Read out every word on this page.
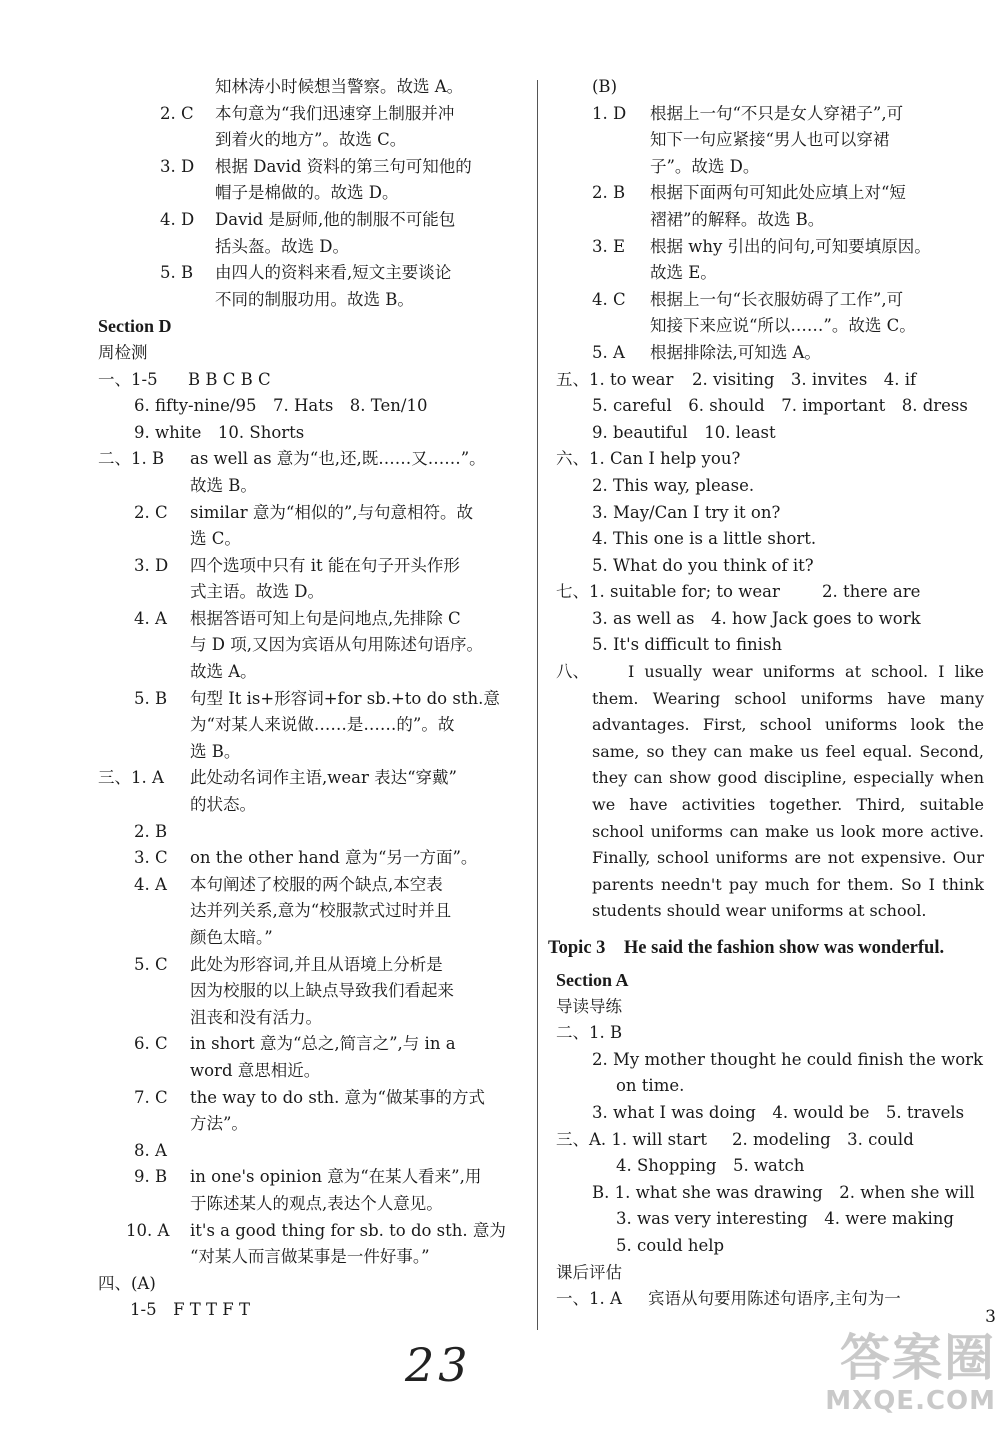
知林涛小时候想当警察。故选 A。
2. C 本句意为“我们迅速穿上制服并冲
到着火的地方”。故选 C。
3. D 根据 David 资料的第三句可知他的
帽子是棉做的。故选 D。
4. D David 是厨师,他的制服不可能包
括头盔。故选 D。
5. B 由四人的资料来看,短文主要谈论
不同的制服功用。故选 B。
Section D
周检测
一、1-5 B B C B C
6. fifty-nine/95　7. Hats　8. Ten/10
9. white　10. Shorts
二、1. B as well as 意为“也,还,既……又……”。
故选 B。
2. C similar 意为“相似的”,与句意相符。故
选 C。
3. D 四个选项中只有 it 能在句子开头作形
式主语。故选 D。
4. A 根据答语可知上句是问地点,先排除 C
与 D 项,又因为宾语从句用陈述句语序。
故选 A。
5. B 句型 It is+形容词+for sb.+to do sth.意
为“对某人来说做……是……的”。故
选 B。
三、1. A 此处动名词作主语,wear 表达“穿戴”
的状态。
2. B
3. C on the other hand 意为“另一方面”。
4. A 本句阐述了校服的两个缺点,本空表
达并列关系,意为“校服款式过时并且
颜色太暗。”
5. C 此处为形容词,并且从语境上分析是
因为校服的以上缺点导致我们看起来
沮丧和没有活力。
6. C in short 意为“总之,简言之”,与 in a
word 意思相近。
7. C the way to do sth. 意为“做某事的方式
方法”。
8. A
9. B in one's opinion 意为“在某人看来”,用
于陈述某人的观点,表达个人意见。
10. A it's a good thing for sb. to do sth. 意为
“对某人而言做某事是一件好事。”
四、(A)
1-5　F T T F T
(B)
1. D 根据上一句“不只是女人穿裙子”,可
知下一句应紧接“男人也可以穿裙
子”。故选 D。
2. B 根据下面两句可知此处应填上对“短
褶裙”的解释。故选 B。
3. E 根据 why 引出的问句,可知要填原因。
故选 E。
4. C 根据上一句“长衣服妨碍了工作”,可
知接下来应说“所以……”。故选 C。
5. A 根据排除法,可知选 A。
五、1. to wear 2. visiting　3. invites　4. if
5. careful　6. should　7. important　8. dress
9. beautiful　10. least
六、1. Can I help you?
2. This way, please.
3. May/Can I try it on?
4. This one is a little short.
5. What do you think of it?
七、1. suitable for; to wear	2. there are
3. as well as　4. how Jack goes to work
5. It's difficult to finish
八、	I usually wear uniforms at school. I like them. Wearing school uniforms have many advantages. First, school uniforms look the same, so they can make us feel equal. Second, they can show good discipline, especially when we have activities together. Third, suitable school uniforms can make us look more active. Finally, school uniforms are not expensive. Our parents needn't pay much for them. So I think students should wear uniforms at school.
Topic 3　He said the fashion show was wonderful.
Section A
导读导练
二、1. B
2. My mother thought he could finish the work
on time.
3. what I was doing　4. would be　5. travels
三、A. 1. will start 2. modeling　3. could
4. Shopping　5. watch
B. 1. what she was drawing　2. when she will
3. was very interesting　4. were making
5. could help
课后评估
一、1. A 宾语从句要用陈述句语序,主句为一
3
23	答案圈
MXQE.COM
